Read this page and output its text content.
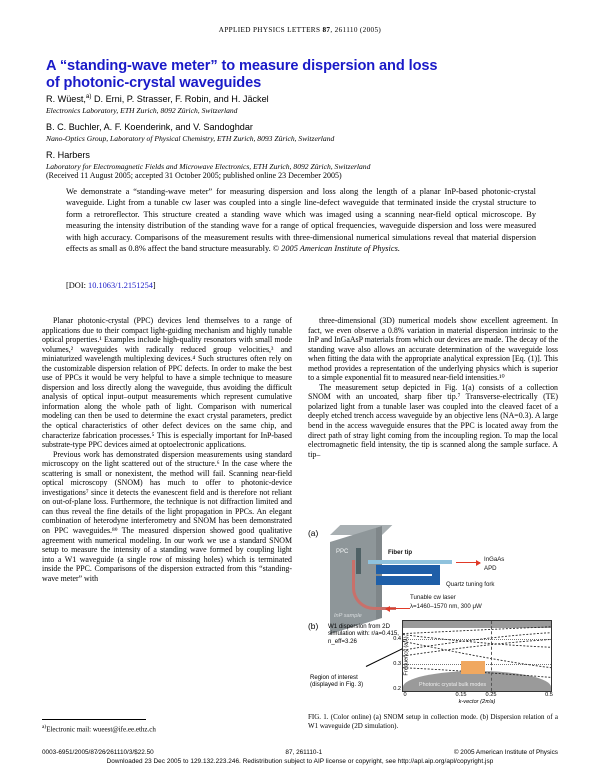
APPLIED PHYSICS LETTERS 87, 261110 (2005)
A “standing-wave meter” to measure dispersion and loss
of photonic-crystal waveguides
R. Wüest,$^{a)}$ D. Erni, P. Strasser, F. Robin, and H. Jäckel
Electronics Laboratory, ETH Zurich, 8092 Zürich, Switzerland
B. C. Buchler, A. F. Koenderink, and V. Sandoghdar
Nano-Optics Group, Laboratory of Physical Chemistry, ETH Zurich, 8093 Zürich, Switzerland
R. Harbers
Laboratory for Electromagnetic Fields and Microwave Electronics, ETH Zurich, 8092 Zürich, Switzerland
(Received 11 August 2005; accepted 31 October 2005; published online 23 December 2005)
We demonstrate a “standing-wave meter” for measuring dispersion and loss along the length of a planar InP-based photonic-crystal waveguide. Light from a tunable cw laser was coupled into a single line-defect waveguide that terminated inside the crystal structure to form a retroreflector. This structure created a standing wave which was imaged using a scanning near-field optical microscope. By measuring the intensity distribution of the standing wave for a range of optical frequencies, waveguide dispersion and loss were measured with high accuracy. Comparisons of the measurement results with three-dimensional numerical simulations reveal that material dispersion effects as small as 0.8% affect the band structure measurably. © 2005 American Institute of Physics.
[DOI: 10.1063/1.2151254]

Planar photonic-crystal (PPC) devices lend themselves to a range of applications due to their compact light-guiding mechanism and highly tunable optical properties.¹ Examples include high-quality resonators with small mode volumes,² waveguides with radically reduced group velocities,³ and miniaturized wavelength multiplexing devices.⁴ Such structures often rely on the customizable dispersion relation of PPC defects. In order to make the best use of PPCs it would be very helpful to have a simple technique to measure dispersion and loss directly along the waveguide, thus avoiding the difficult analysis of optical input–output measurements which represent cumulative information along the whole path of light. Comparison with numerical modeling can then be used to determine the exact crystal parameters, predict the optical characteristics of other defect devices on the same chip, and characterize fabrication processes.⁵ This is especially important for InP-based substrate-type PPC devices aimed at optoelectronic applications.

Previous work has demonstrated dispersion measurements using standard microscopy on the light scattered out of the structure.⁶ In the case where the scattering is small or nonexistent, the method will fail. Scanning near-field optical microscopy (SNOM) has much to offer to photonic-device investigations⁷ since it detects the evanescent field and is therefore not reliant on out-of-plane loss. Furthermore, the technique is not diffraction limited and can thus reveal the fine details of the light propagation in PPCs. An elegant combination of heterodyne interferometry and SNOM has been demonstrated on PPC waveguides.⁸⁹ The measured dispersion showed good qualitative agreement with numerical modeling. In our work we use a standard SNOM setup to measure the intensity of a standing wave formed by coupling light into a W1 waveguide (a single row of missing holes) which is terminated inside the PPC. Comparisons of the dispersion extracted from this “standing-wave meter” with

$^{a)}$Electronic mail: wueest@ife.ee.ethz.ch

three-dimensional (3D) numerical models show excellent agreement. In fact, we even observe a 0.8% variation in material dispersion intrinsic to the InP and InGaAsP materials from which our devices are made. The decay of the standing wave also allows an accurate determination of the waveguide loss when fitting the data with the appropriate analytical expression [Eq. (1)]. This method provides a representation of the underlying physics which is superior to a simple exponential fit to measured near-field intensities.¹⁰

The measurement setup depicted in Fig. 1(a) consists of a collection SNOM with an uncoated, sharp fiber tip.⁷ Transverse-electrically (TE) polarized light from a tunable laser was coupled into the cleaved facet of a deeply etched trench access waveguide by an objective lens (NA=0.3). A large bend in the access waveguide ensures that the PPC is located away from the direct path of stray light coming from the incoupling region. To map the local electromagnetic field intensity, the tip is scanned along the sample surface. A tip–

(a)
PPC
InP sample
Fiber tip
InGaAs
APD
Quartz tuning fork
Tunable cw laser
λ=1460–1570 nm, 300 μW
(b) W1 dispersion from 2D simulation with: r/a=0.415, n_eff=3.26
Region of interest
(displayed in Fig. 3)	Photonic crystal bulk modes
0.2
0.3
0.4
0	0.15	0.25	0.5
Frequency (a/λ)
k-vector (2π/a)
FIG. 1. (Color online) (a) SNOM setup in collection mode. (b) Dispersion relation of a W1 waveguide (2D simulation).
0003-6951/2005/87⁄26⁄261110/3/$22.50	87, 261110-1	© 2005 American Institute of Physics
Downloaded 23 Dec 2005 to 129.132.223.246. Redistribution subject to AIP license or copyright, see http://apl.aip.org/apl/copyright.jsp
